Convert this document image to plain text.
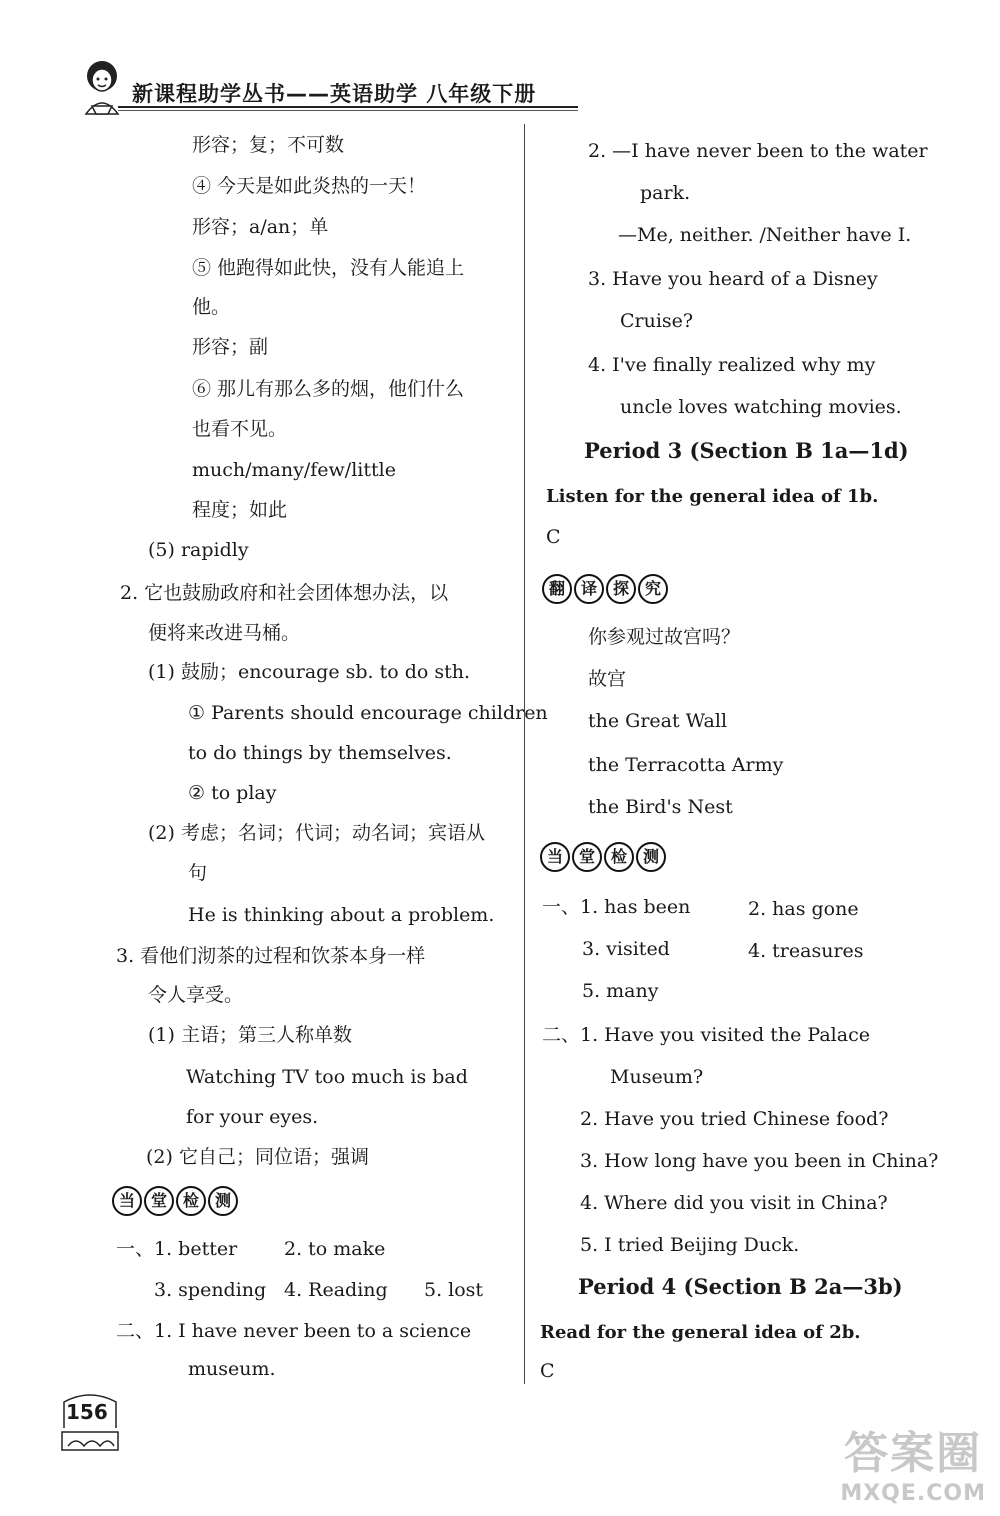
新课程助学丛书——英语助学 八年级下册
形容；复；不可数
④ 今天是如此炎热的一天！
形容；a/an；单
⑤ 他跑得如此快，没有人能追上
他。
形容；副
⑥ 那儿有那么多的烟，他们什么
也看不见。
much/many/few/little
程度；如此
(5) rapidly
2. 它也鼓励政府和社会团体想办法，以
便将来改进马桶。
(1) 鼓励；encourage sb. to do sth.
① Parents should encourage children
to do things by themselves.
② to play
(2) 考虑；名词；代词；动名词；宾语从
句
He is thinking about a problem.
3. 看他们沏茶的过程和饮茶本身一样
令人享受。
(1) 主语；第三人称单数
Watching TV too much is bad
for your eyes.
(2) 它自己；同位语；强调
当 堂 检 测
一、1. better 2. to make
3. spending 4. Reading 5. lost
二、1. I have never been to a science
museum.
2. —I have never been to the water
park.
—Me, neither. /Neither have I.
3. Have you heard of a Disney
Cruise?
4. I've finally realized why my
uncle loves watching movies.
Period 3 (Section B 1a—1d)
Listen for the general idea of 1b.
C
翻 译 探 究
你参观过故宫吗？
故宫
the Great Wall
the Terracotta Army
the Bird's Nest
当 堂 检 测
一、1. has been	2. has gone
3. visited	4. treasures
5. many
二、1. Have you visited the Palace
Museum?
2. Have you tried Chinese food?
3. How long have you been in China?
4. Where did you visit in China?
5. I tried Beijing Duck.
Period 4 (Section B 2a—3b)
Read for the general idea of 2b.
C
156
答案圈
MXQE.COM
